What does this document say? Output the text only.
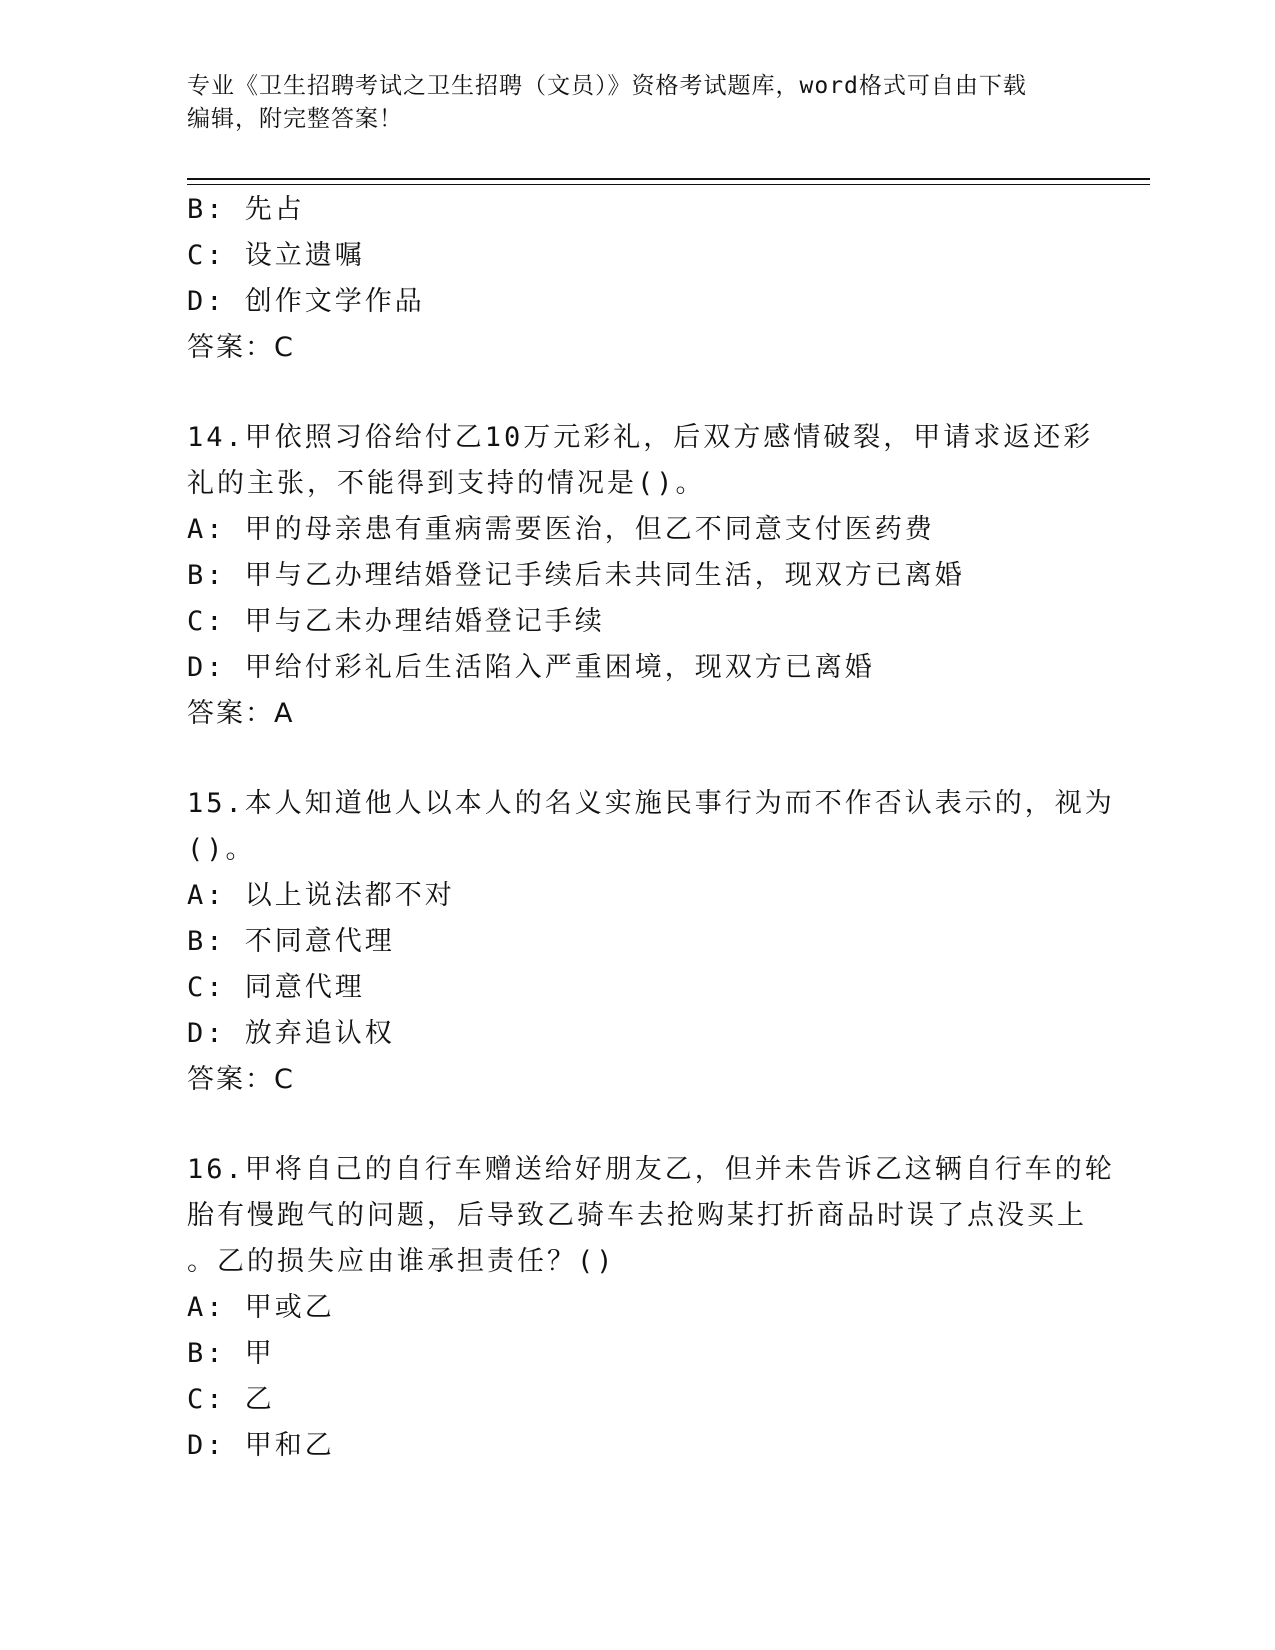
专业《卫生招聘考试之卫生招聘（文员）》资格考试题库，word格式可自由下载
编辑，附完整答案！
B: 先占
C: 设立遗嘱
D: 创作文学作品
答案：C
14.甲依照习俗给付乙10万元彩礼，后双方感情破裂，甲请求返还彩
礼的主张，不能得到支持的情况是()。
A: 甲的母亲患有重病需要医治，但乙不同意支付医药费
B: 甲与乙办理结婚登记手续后未共同生活，现双方已离婚
C: 甲与乙未办理结婚登记手续
D: 甲给付彩礼后生活陷入严重困境，现双方已离婚
答案：A
15.本人知道他人以本人的名义实施民事行为而不作否认表示的，视为
()。
A: 以上说法都不对
B: 不同意代理
C: 同意代理
D: 放弃追认权
答案：C
16.甲将自己的自行车赠送给好朋友乙，但并未告诉乙这辆自行车的轮
胎有慢跑气的问题，后导致乙骑车去抢购某打折商品时误了点没买上
。乙的损失应由谁承担责任？()
A: 甲或乙
B: 甲
C: 乙
D: 甲和乙
